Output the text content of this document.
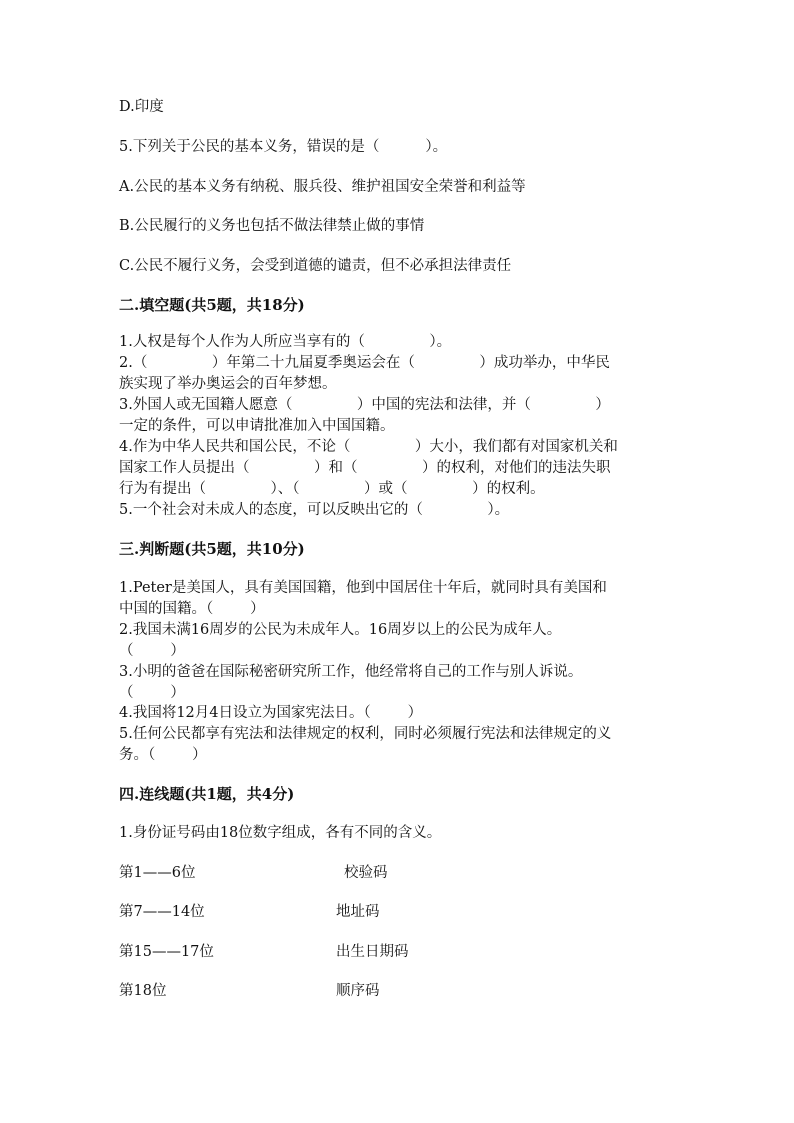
D.印度
5.下列关于公民的基本义务，错误的是（          ）。
A.公民的基本义务有纳税、服兵役、维护祖国安全荣誉和利益等
B.公民履行的义务也包括不做法律禁止做的事情
C.公民不履行义务，会受到道德的谴责，但不必承担法律责任
二.填空题(共5题，共18分)
1.人权是每个人作为人所应当享有的（              ）。
2.（              ）年第二十九届夏季奥运会在（              ）成功举办，中华民
族实现了举办奥运会的百年梦想。
3.外国人或无国籍人愿意（              ）中国的宪法和法律，并（              ）
一定的条件，可以申请批准加入中国国籍。
4.作为中华人民共和国公民，不论（              ）大小，我们都有对国家机关和
国家工作人员提出（              ）和（              ）的权利，对他们的违法失职
行为有提出（              ）、（              ）或（              ）的权利。
5.一个社会对未成人的态度，可以反映出它的（              ）。
三.判断题(共5题，共10分)
1.Peter是美国人，具有美国国籍，他到中国居住十年后，就同时具有美国和
中国的国籍。（        ）
2.我国未满16周岁的公民为未成年人。16周岁以上的公民为成年人。
（        ）
3.小明的爸爸在国际秘密研究所工作，他经常将自己的工作与别人诉说。
（        ）
4.我国将12月4日设立为国家宪法日。（        ）
5.任何公民都享有宪法和法律规定的权利，同时必须履行宪法和法律规定的义
务。（        ）
四.连线题(共1题，共4分)
1.身份证号码由18位数字组成，各有不同的含义。
第1——6位	校验码
第7——14位	地址码
第15——17位	出生日期码
第18位	顺序码
